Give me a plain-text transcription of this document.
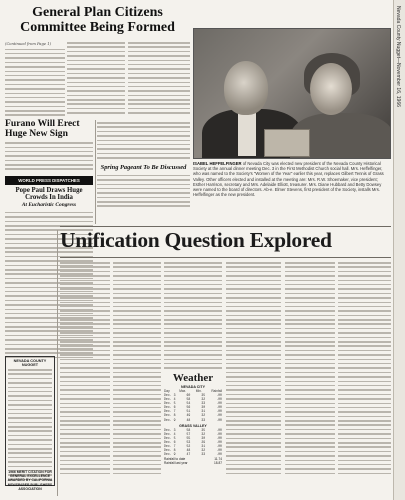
General Plan Citizens Committee Being Formed
(Continued from Page 1)
ISABEL HEFFELFINGER of Nevada City was elected new president of the Nevada County Historical Society at the annual dinner meeting Dec. 3 in the First Methodist Church social hall. Mrs. Heffelfinger, who was named to the Society's "Women of the Year" earlier this year, replaces Gilbert Tennis of Grass Valley. Other officers elected and installed at the meeting are: Mrs. R.W. Shoemaker, vice president; Esther Harrison, secretary and Mrs. Adelaide Elliott, treasurer. Mrs. Diane Hubbard and Betty Dowsey were named to the board of directors. Ab-e. Elmer Stevens, first president of the Society, installs Mrs. Heffelfinger as the new president.
Furano Will Erect Huge New Sign
Spring Pageant To Be Discussed
WORLD PRESS DISPATCHES
Pope Paul Draws Huge Crowds In India
At Eucharistic Congress
Unification Question Explored
Weather
NEVADA CITY
Day	Max.	Min.	Rainfall
Dec. 3	60	35	.00
Dec. 4	58	32	.00
Dec. 5	54	33	.00
Dec. 6	56	30	.00
Dec. 7	51	31	.00
Dec. 8	49	32	.00
Dec. 9	48	33	.00
GRASS VALLEY
Dec. 3	58	35	.00
Dec. 4	57	32	.00
Dec. 5	55	30	.00
Dec. 6	53	29	.00
Dec. 7	52	31	.00
Dec. 8	48	32	.00
Dec. 9	47	33	.00
Rainfall to date	11.74
Rainfall last year	18.87
NEVADA COUNTY NUGGET
1966 MERIT CITATION FOR GENERAL EXCELLENCE AWARDED BY CALIFORNIA NEWSPAPER PUBLISHERS ASSOCIATION
Nevada County Nugget—November 16, 1966
